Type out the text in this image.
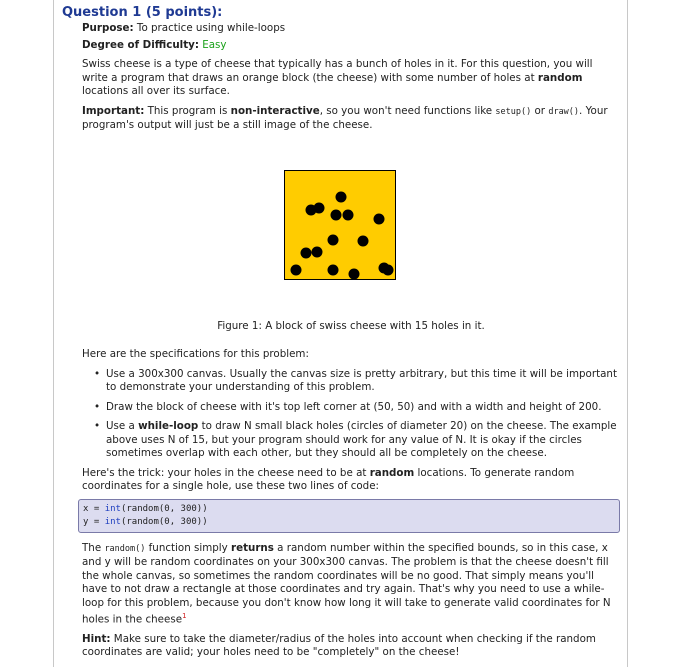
Question 1 (5 points):

Purpose: To practice using while-loops

Degree of Difficulty: Easy

Swiss cheese is a type of cheese that typically has a bunch of holes in it. For this question, you will write a program that draws an orange block (the cheese) with some number of holes at random locations all over its surface.

Important: This program is non-interactive, so you won't need functions like setup() or draw(). Your program's output will just be a still image of the cheese.

Figure 1: A block of swiss cheese with 15 holes in it.

Here are the specifications for this problem:

• Use a 300x300 canvas. Usually the canvas size is pretty arbitrary, but this time it will be important to demonstrate your understanding of this problem.
• Draw the block of cheese with it's top left corner at (50, 50) and with a width and height of 200.
• Use a while-loop to draw N small black holes (circles of diameter 20) on the cheese. The example above uses N of 15, but your program should work for any value of N. It is okay if the circles sometimes overlap with each other, but they should all be completely on the cheese.

Here's the trick: your holes in the cheese need to be at random locations. To generate random coordinates for a single hole, use these two lines of code:

x = int(random(0, 300))
y = int(random(0, 300))

The random() function simply returns a random number within the specified bounds, so in this case, x and y will be random coordinates on your 300x300 canvas. The problem is that the cheese doesn't fill the whole canvas, so sometimes the random coordinates will be no good. That simply means you'll have to not draw a rectangle at those coordinates and try again. That's why you need to use a while-loop for this problem, because you don't know how long it will take to generate valid coordinates for N holes in the cheese$^1$

Hint: Make sure to take the diameter/radius of the holes into account when checking if the random coordinates are valid; your holes need to be "completely" on the cheese!
